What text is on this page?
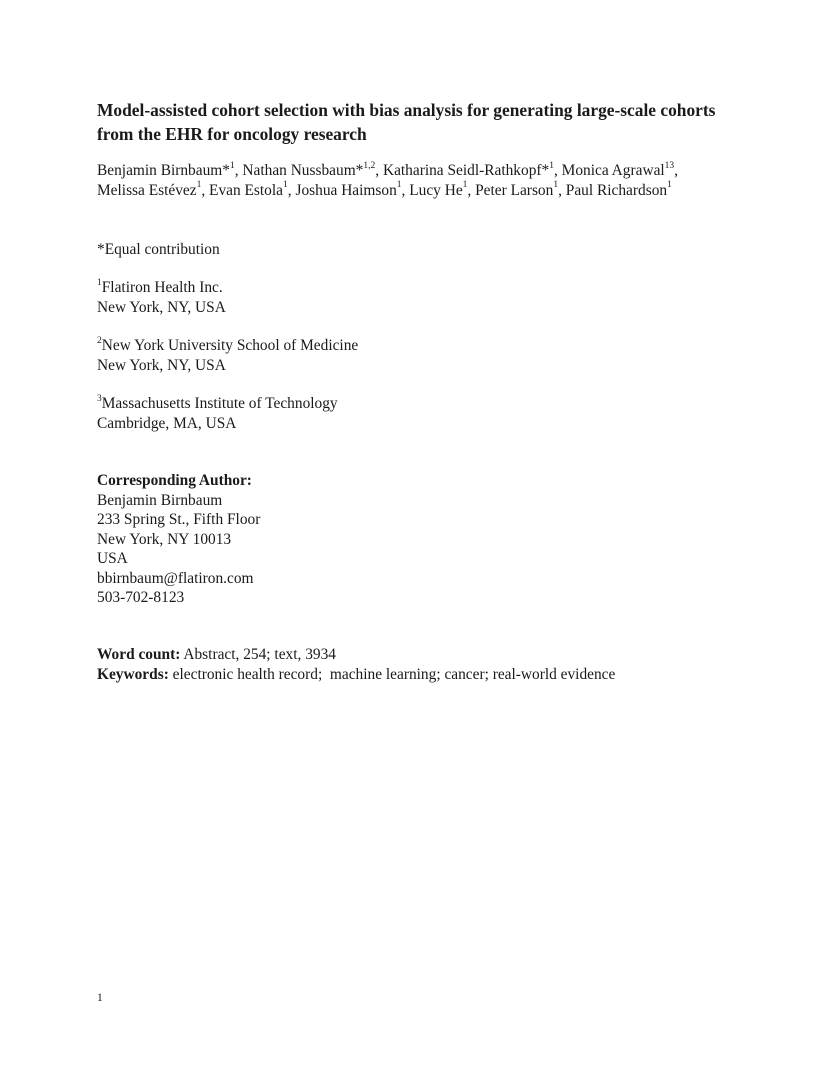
Model-assisted cohort selection with bias analysis for generating large-scale cohorts from the EHR for oncology research
Benjamin Birnbaum*$^1$, Nathan Nussbaum*$^{1,2}$, Katharina Seidl-Rathkopf*$^1$, Monica Agrawal$^{13}$,
Melissa Estévez$^1$, Evan Estola$^1$, Joshua Haimson$^1$, Lucy He$^1$, Peter Larson$^1$, Paul Richardson$^1$

*Equal contribution

$^1$Flatiron Health Inc.
New York, NY, USA
$^2$New York University School of Medicine
New York, NY, USA
$^3$Massachusetts Institute of Technology
Cambridge, MA, USA
Corresponding Author:
Benjamin Birnbaum
233 Spring St., Fifth Floor
New York, NY 10013
USA
bbirnbaum@flatiron.com
503-702-8123
Word count: Abstract, 254; text, 3934
Keywords: electronic health record;  machine learning; cancer; real-world evidence
1
